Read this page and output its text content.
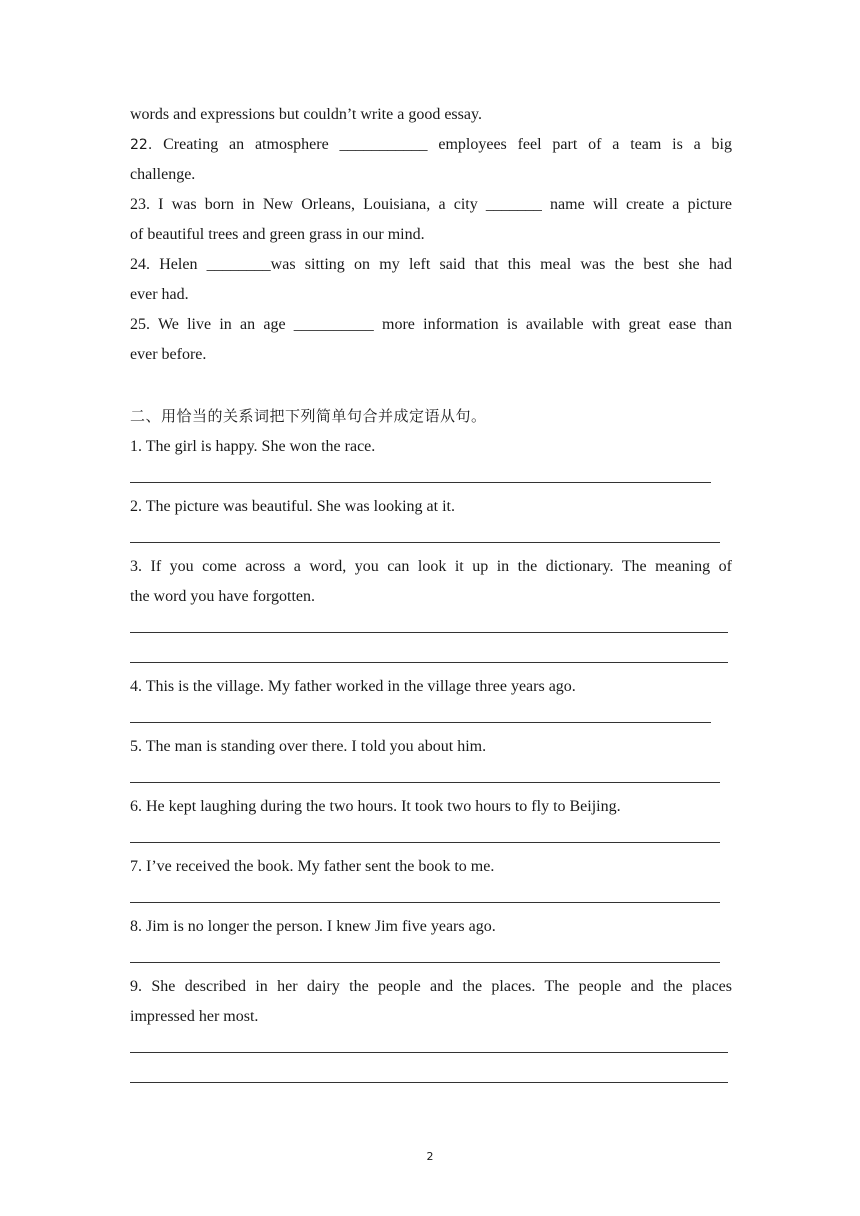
words and expressions but couldn’t write a good essay.
22. Creating an atmosphere ___________ employees feel part of a team is a big
challenge.
23. I was born in New Orleans, Louisiana, a city _______ name will create a picture
of beautiful trees and green grass in our mind.
24. Helen ________was sitting on my left said that this meal was the best she had
ever had.
25. We live in an age __________ more information is available with great ease than
ever before.
二、用恰当的关系词把下列简单句合并成定语从句。
1. The girl is happy. She won the race.
2. The picture was beautiful. She was looking at it.
3. If you come across a word, you can look it up in the dictionary. The meaning of
the word you have forgotten.
4. This is the village. My father worked in the village three years ago.
5. The man is standing over there. I told you about him.
6. He kept laughing during the two hours. It took two hours to fly to Beijing.
7. I’ve received the book. My father sent the book to me.
8. Jim is no longer the person. I knew Jim five years ago.
9. She described in her dairy the people and the places. The people and the places
impressed her most.
2
